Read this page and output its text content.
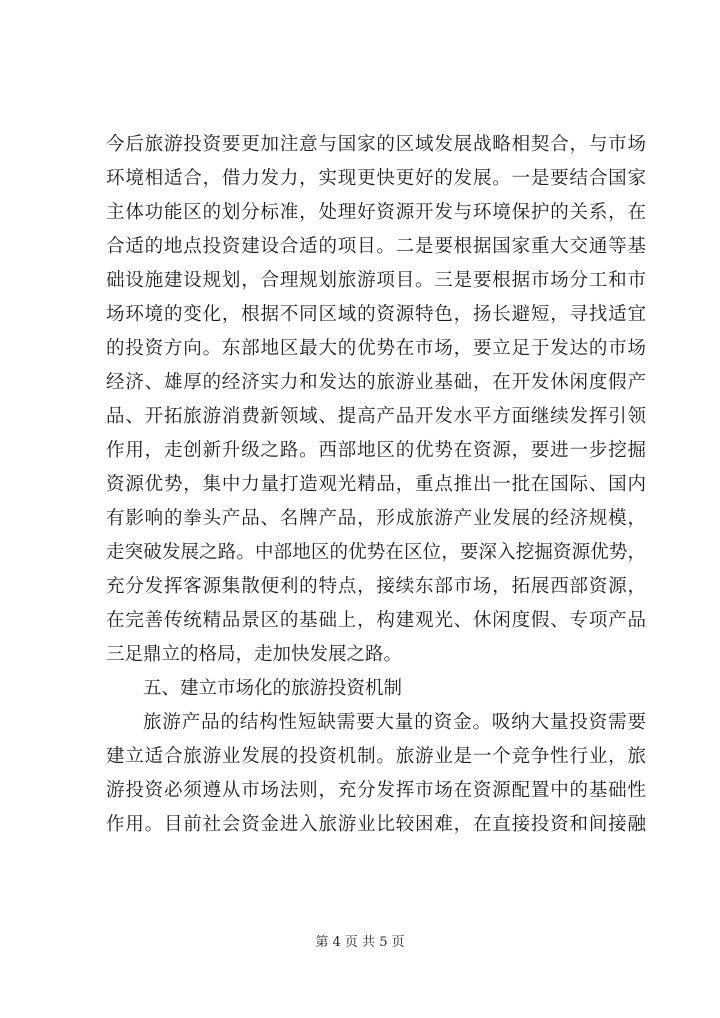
今后旅游投资要更加注意与国家的区域发展战略相契合，与市场
环境相适合，借力发力，实现更快更好的发展。一是要结合国家
主体功能区的划分标准，处理好资源开发与环境保护的关系，在
合适的地点投资建设合适的项目。二是要根据国家重大交通等基
础设施建设规划，合理规划旅游项目。三是要根据市场分工和市
场环境的变化，根据不同区域的资源特色，扬长避短，寻找适宜
的投资方向。东部地区最大的优势在市场，要立足于发达的市场
经济、雄厚的经济实力和发达的旅游业基础，在开发休闲度假产
品、开拓旅游消费新领域、提高产品开发水平方面继续发挥引领
作用，走创新升级之路。西部地区的优势在资源，要进一步挖掘
资源优势，集中力量打造观光精品，重点推出一批在国际、国内
有影响的拳头产品、名牌产品，形成旅游产业发展的经济规模，
走突破发展之路。中部地区的优势在区位，要深入挖掘资源优势，
充分发挥客源集散便利的特点，接续东部市场，拓展西部资源，
在完善传统精品景区的基础上，构建观光、休闲度假、专项产品
三足鼎立的格局，走加快发展之路。
五、建立市场化的旅游投资机制
旅游产品的结构性短缺需要大量的资金。吸纳大量投资需要
建立适合旅游业发展的投资机制。旅游业是一个竞争性行业，旅
游投资必须遵从市场法则，充分发挥市场在资源配置中的基础性
作用。目前社会资金进入旅游业比较困难，在直接投资和间接融
第 4 页 共 5 页
